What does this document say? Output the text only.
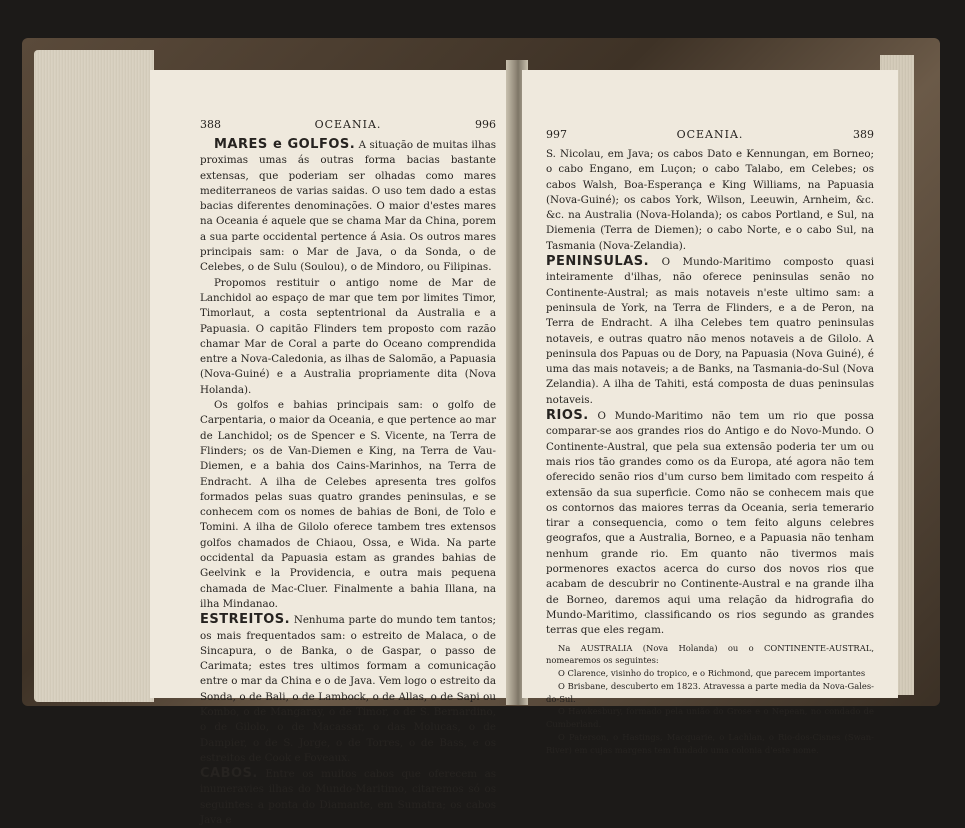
388	OCEANIA.	996

MARES e GOLFOS. A situação de muitas ilhas proximas umas ás outras forma bacias bastante extensas, que poderiam ser olhadas como mares mediterraneos de varias saidas. O uso tem dado a estas bacias diferentes denominações. O maior d'estes mares na Oceania é aquele que se chama Mar da China, porem a sua parte occidental pertence á Asia. Os outros mares principais sam: o Mar de Java, o da Sonda, o de Celebes, o de Sulu (Soulou), o de Mindoro, ou Filipinas.

Propomos restituir o antigo nome de Mar de Lanchidol ao espaço de mar que tem por limites Timor, Timorlaut, a costa septentrional da Australia e a Papuasia. O capitão Flinders tem proposto com razão chamar Mar de Coral a parte do Oceano comprendida entre a Nova-Caledonia, as ilhas de Salomão, a Papuasia (Nova-Guiné) e a Australia propriamente dita (Nova Holanda).

Os golfos e bahias principais sam: o golfo de Carpentaria, o maior da Oceania, e que pertence ao mar de Lanchidol; os de Spencer e S. Vicente, na Terra de Flinders; os de Van-Diemen e King, na Terra de Vau-Diemen, e a bahia dos Cains-Marinhos, na Terra de Endracht. A ilha de Celebes apresenta tres golfos formados pelas suas quatro grandes peninsulas, e se conhecem com os nomes de bahias de Boni, de Tolo e Tomini. A ilha de Gilolo oferece tambem tres extensos golfos chamados de Chiaou, Ossa, e Wida. Na parte occidental da Papuasia estam as grandes bahias de Geelvink e la Providencia, e outra mais pequena chamada de Mac-Cluer. Finalmente a bahia Illana, na ilha Mindanao.

ESTREITOS. Nenhuma parte do mundo tem tantos; os mais frequentados sam: o estreito de Malaca, o de Sincapura, o de Banka, o de Gaspar, o passo de Carimata; estes tres ultimos formam a comunicação entre o mar da China e o de Java. Vem logo o estreito da Sonda, o de Bali, o de Lambock, o de Allas, o de Sapi ou Kombo, o de Mangaray, o de Timor, o de S. Bernardino, o de Gilolo, o de Macassar, o das Molucas, o de Dampier, o de S. Jorge, o de Torres, o de Bass, e os estreitos de Cook e Foveaux.

CABOS. Entre os muitos cabos que oferecem as inumeravies ilhas do Mundo-Maritimo, citaremos só os seguintes: a ponta do Diamante, em Sumatra; os cabos Java e

997	OCEANIA.	389

S. Nicolau, em Java; os cabos Dato e Kennungan, em Borneo; o cabo Engano, em Luçon; o cabo Talabo, em Celebes; os cabos Walsh, Boa-Esperança e King Williams, na Papuasia (Nova-Guiné); os cabos York, Wilson, Leeuwin, Arnheim, &c. &c. na Australia (Nova-Holanda); os cabos Portland, e Sul, na Diemenia (Terra de Diemen); o cabo Norte, e o cabo Sul, na Tasmania (Nova-Zelandia).

PENINSULAS. O Mundo-Maritimo composto quasi inteiramente d'ilhas, não oferece peninsulas senão no Continente-Austral; as mais notaveis n'este ultimo sam: a peninsula de York, na Terra de Flinders, e a de Peron, na Terra de Endracht. A ilha Celebes tem quatro peninsulas notaveis, e outras quatro não menos notaveis a de Gilolo. A peninsula dos Papuas ou de Dory, na Papuasia (Nova Guiné), é uma das mais notaveis; a de Banks, na Tasmania-do-Sul (Nova Zelandia). A ilha de Tahiti, está composta de duas peninsulas notaveis.

RIOS. O Mundo-Maritimo não tem um rio que possa comparar-se aos grandes rios do Antigo e do Novo-Mundo. O Continente-Austral, que pela sua extensão poderia ter um ou mais rios tão grandes como os da Europa, até agora não tem oferecido senão rios d'um curso bem limitado com respeito á extensão da sua superficie. Como não se conhecem mais que os contornos das maiores terras da Oceania, seria temerario tirar a consequencia, como o tem feito alguns celebres geografos, que a Australia, Borneo, e a Papuasia não tenham nenhum grande rio. Em quanto não tivermos mais pormenores exactos acerca do curso dos novos rios que acabam de descubrir no Continente-Austral e na grande ilha de Borneo, daremos aqui uma relação da hidrografia do Mundo-Maritimo, classificando os rios segundo as grandes terras que eles regam.

Na AUSTRALIA (Nova Holanda) ou o CONTINENTE-AUSTRAL, nomearemos os seguintes:

O Clarence, visinho do tropico, e o Richmond, que parecem importantes

O Brisbane, descuberto em 1823. Atravessa a parte media da Nova-Gales-do-Sul.

O Hawkesbury, formado pela união do Grose e o Nepean, no condado de Cumberland.

O Paterson, o Hastings, Macquarie, o Lachlan, o Rio-dos-Cisnes (Swan-River) em cujas margens tem fundado uma colonia d'este nome.
